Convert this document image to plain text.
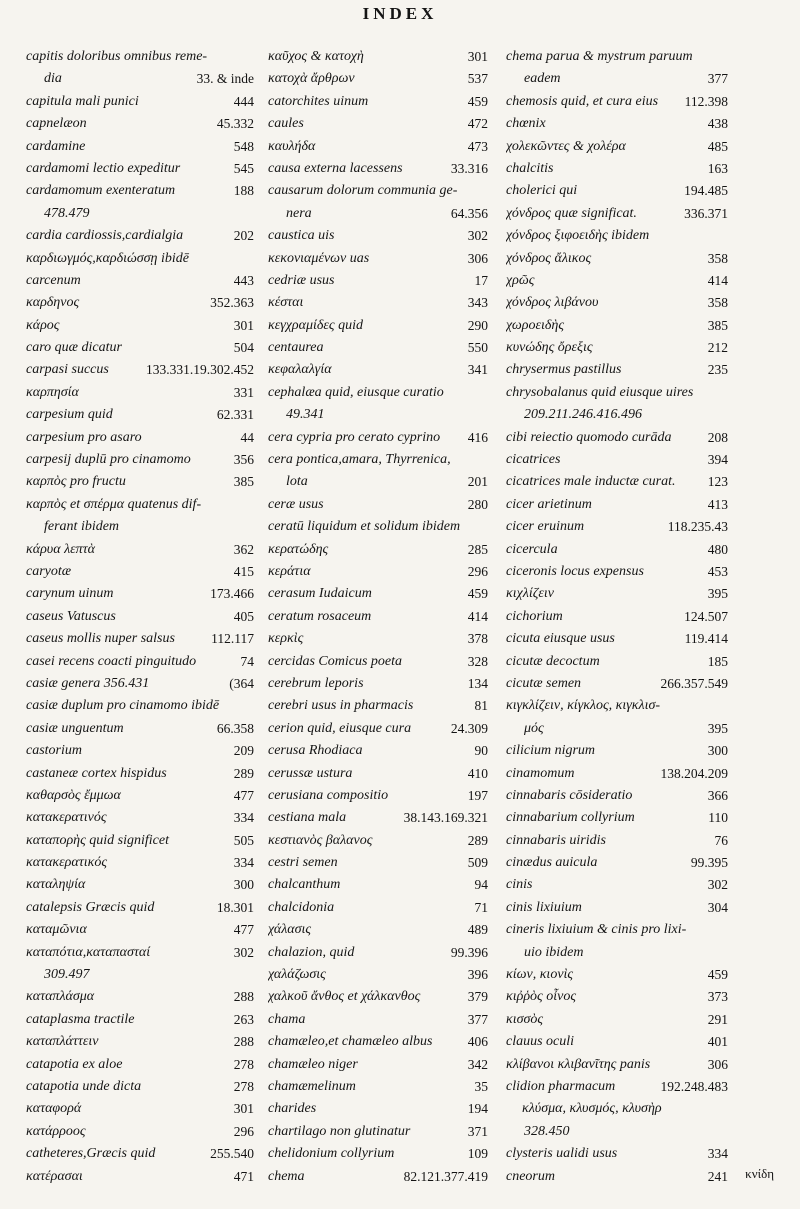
INDEX
capitis doloribus omnibus reme-
dia	33. & inde
capitula mali punici	444
capnelæon	45.332
cardamine	548
cardamomi lectio expeditur	545
cardamomum exenteratum	188
478.479
cardia cardiossis,cardialgia	202
καρδιωγμός,καρδιώσσῃ ibidē
carcenum	443
καρδηνος	352.363
κάρος	301
caro quæ dicatur	504
carpasi succus	133.331.19.302.452
καρπησία	331
carpesium quid	62.331
carpesium pro asaro	44
carpesij duplū pro cinamomo	356
καρπὸς pro fructu	385
καρπὸς et σπέρμα quatenus dif-
ferant ibidem
κάρυα λεπτὰ	362
caryotæ	415
carynum uinum	173.466
caseus Vatuscus	405
caseus mollis nuper salsus	112.117
casei recens coacti pinguitudo	74
casiæ genera 356.431	(364
casiæ duplum pro cinamomo ibidē
casiæ unguentum	66.358
castorium	209
castaneæ cortex hispidus	289
καθαρσὸς ἔμμωα	477
κατακερατινός	334
καταπορὴς quid significet	505
κατακερατικός	334
καταληψία	300
catalepsis Græcis quid	18.301
καταμῶνια	477
καταπότια,καταπασταί	302
309.497
καταπλάσμα	288
cataplasma tractile	263
καταπλάττειν	288
catapotia ex aloe	278
catapotia unde dicta	278
καταφορά	301
κατάρροος	296
catheteres,Græcis quid	255.540
κατέρασαι	471
καῦχος & κατοχὴ	301
κατοχὰ ἄρθρων	537
catorchites uinum	459
caules	472
καυλήδα	473
causa externa lacessens	33.316
causarum dolorum communia ge-
nera	64.356
caustica uis	302
κεκονιαμένων uas	306
cedriæ usus	17
κέσται	343
κεγχραμίδες quid	290
centaurea	550
κεφαλαλγία	341
cephalæa quid, eiusque curatio
49.341
cera cypria pro cerato cyprino 416
cera pontica,amara, Thyrrenica,
lota	201
ceræ usus	280
ceratū liquidum et solidum ibidem
κερατώδης	285
κεράτια	296
cerasum Iudaicum	459
ceratum rosaceum	414
κερκὶς	378
cercidas Comicus poeta	328
cerebrum leporis	134
cerebri usus in pharmacis	81
cerion quid, eiusque cura	24.309
cerusa Rhodiaca	90
cerussæ ustura	410
cerusiana compositio	197
cestiana mala	38.143.169.321
κεστιανὸς βαλανος	289
cestri semen	509
chalcanthum	94
chalcidonia	71
χάλασις	489
chalazion, quid	99.396
χαλάζωσις	396
χαλκοῦ ἄνθος et χάλκανθος	379
chama	377
chamæleo,et chamæleo albus	406
chamæleo niger	342
chamæmelinum	35
charides	194
chartilago non glutinatur	371
chelidonium collyrium	109
chema	82.121.377.419
chema parua & mystrum paruum
eadem	377
chemosis quid, et cura eius 112.398
chœnix	438
χολεκῶντες & χολέρα	485
chalcitis	163
cholerici qui	194.485
χόνδρος quæ significat.	336.371
χόνδρος ξιφοειδὴς ibidem
χόνδρος ἄλικος	358
χρῶς	414
χόνδρος λιβάνου	358
χωροειδὴς	385
κυνώδης ὄρεξις	212
chrysermus pastillus	235
chrysobalanus quid eiusque uires
209.211.246.416.496
cibi reiectio quomodo curāda	208
cicatrices	394
cicatrices male inductæ curat. 123
cicer arietinum	413
cicer eruinum	118.235.43
cicercula	480
ciceronis locus expensus	453
κιχλίζειν	395
cichorium	124.507
cicuta eiusque usus	119.414
cicutæ decoctum	185
cicutæ semen	266.357.549
κιγκλίζειν, κίγκλος, κιγκλισ-
μός	395
cilicium nigrum	300
cinamomum	138.204.209
cinnabaris cōsideratio	366
cinnabarium collyrium	110
cinnabaris uiridis	76
cinædus auicula	99.395
cinis	302
cinis lixiuium	304
cineris lixiuium & cinis pro lixi-
uio ibidem
κίων, κιονὶς	459
κιῤῥὸς οἶνος	373
κισσὸς	291
clauus oculi	401
κλίβανοι κλιβανῖτης panis	306
clidion pharmacum	192.248.483
κλύσμα, κλυσμός, κλυσὴρ
328.450
clysteris ualidi usus	334
cneorum	241 κνίδη
